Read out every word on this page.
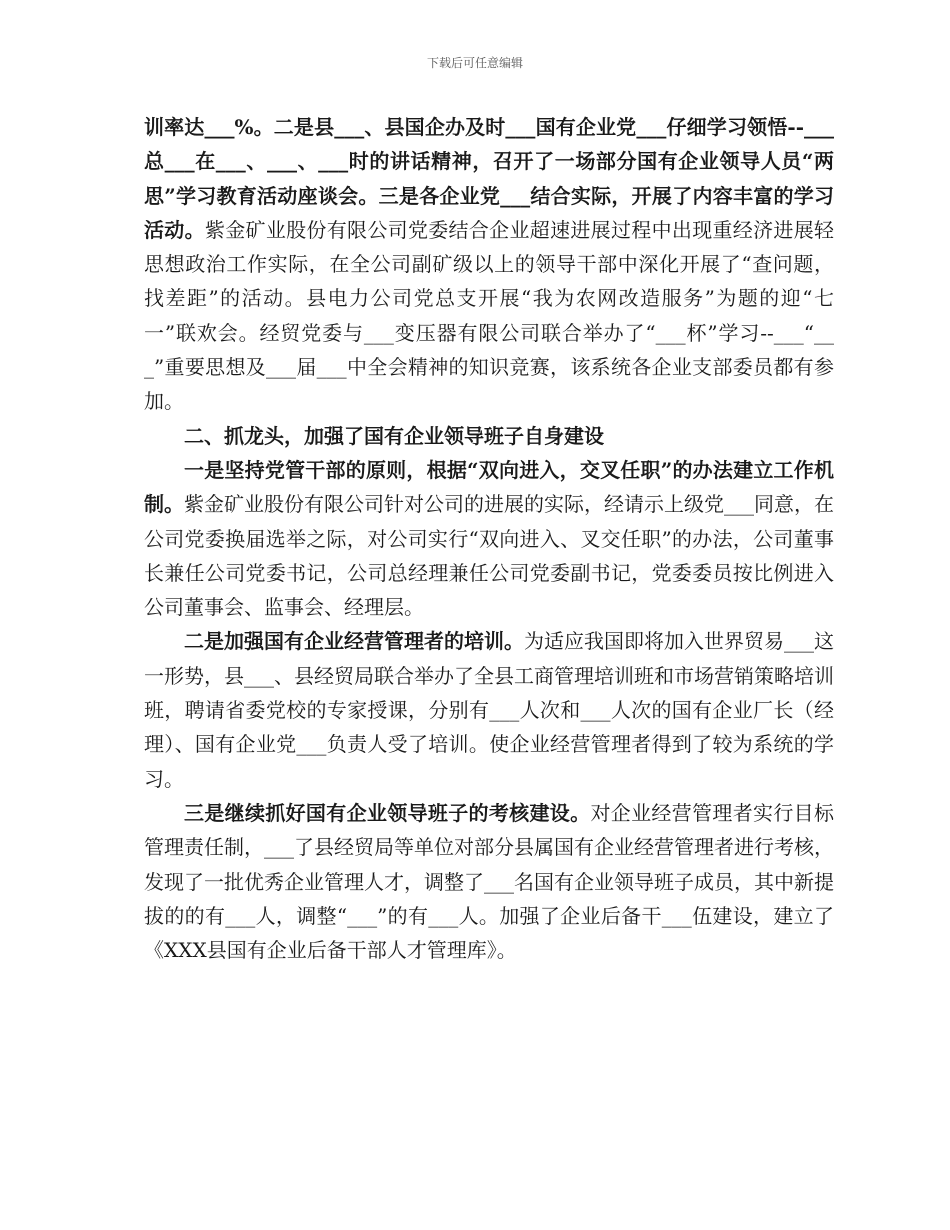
下载后可任意编辑

训率达___%。二是县___、县国企办及时___国有企业党___仔细学习领悟--___总___在___、___、___时的讲话精神，召开了一场部分国有企业领导人员“两思”学习教育活动座谈会。三是各企业党___结合实际，开展了内容丰富的学习活动。紫金矿业股份有限公司党委结合企业超速进展过程中出现重经济进展轻思想政治工作实际，在全公司副矿级以上的领导干部中深化开展了“查问题，找差距”的活动。县电力公司党总支开展“我为农网改造服务”为题的迎“七一”联欢会。经贸党委与___变压器有限公司联合举办了“___杯”学习--___“___”重要思想及___届___中全会精神的知识竞赛，该系统各企业支部委员都有参加。

二、抓龙头，加强了国有企业领导班子自身建设

一是坚持党管干部的原则，根据“双向进入，交叉任职”的办法建立工作机制。紫金矿业股份有限公司针对公司的进展的实际，经请示上级党___同意，在公司党委换届选举之际，对公司实行“双向进入、叉交任职”的办法，公司董事长兼任公司党委书记，公司总经理兼任公司党委副书记，党委委员按比例进入公司董事会、监事会、经理层。

二是加强国有企业经营管理者的培训。为适应我国即将加入世界贸易___这一形势，县___、县经贸局联合举办了全县工商管理培训班和市场营销策略培训班，聘请省委党校的专家授课，分别有___人次和___人次的国有企业厂长（经理）、国有企业党___负责人受了培训。使企业经营管理者得到了较为系统的学习。

三是继续抓好国有企业领导班子的考核建设。对企业经营管理者实行目标管理责任制，___了县经贸局等单位对部分县属国有企业经营管理者进行考核，发现了一批优秀企业管理人才，调整了___名国有企业领导班子成员，其中新提拔的的有___人，调整“___”的有___人。加强了企业后备干___伍建设，建立了《XXX县国有企业后备干部人才管理库》。
